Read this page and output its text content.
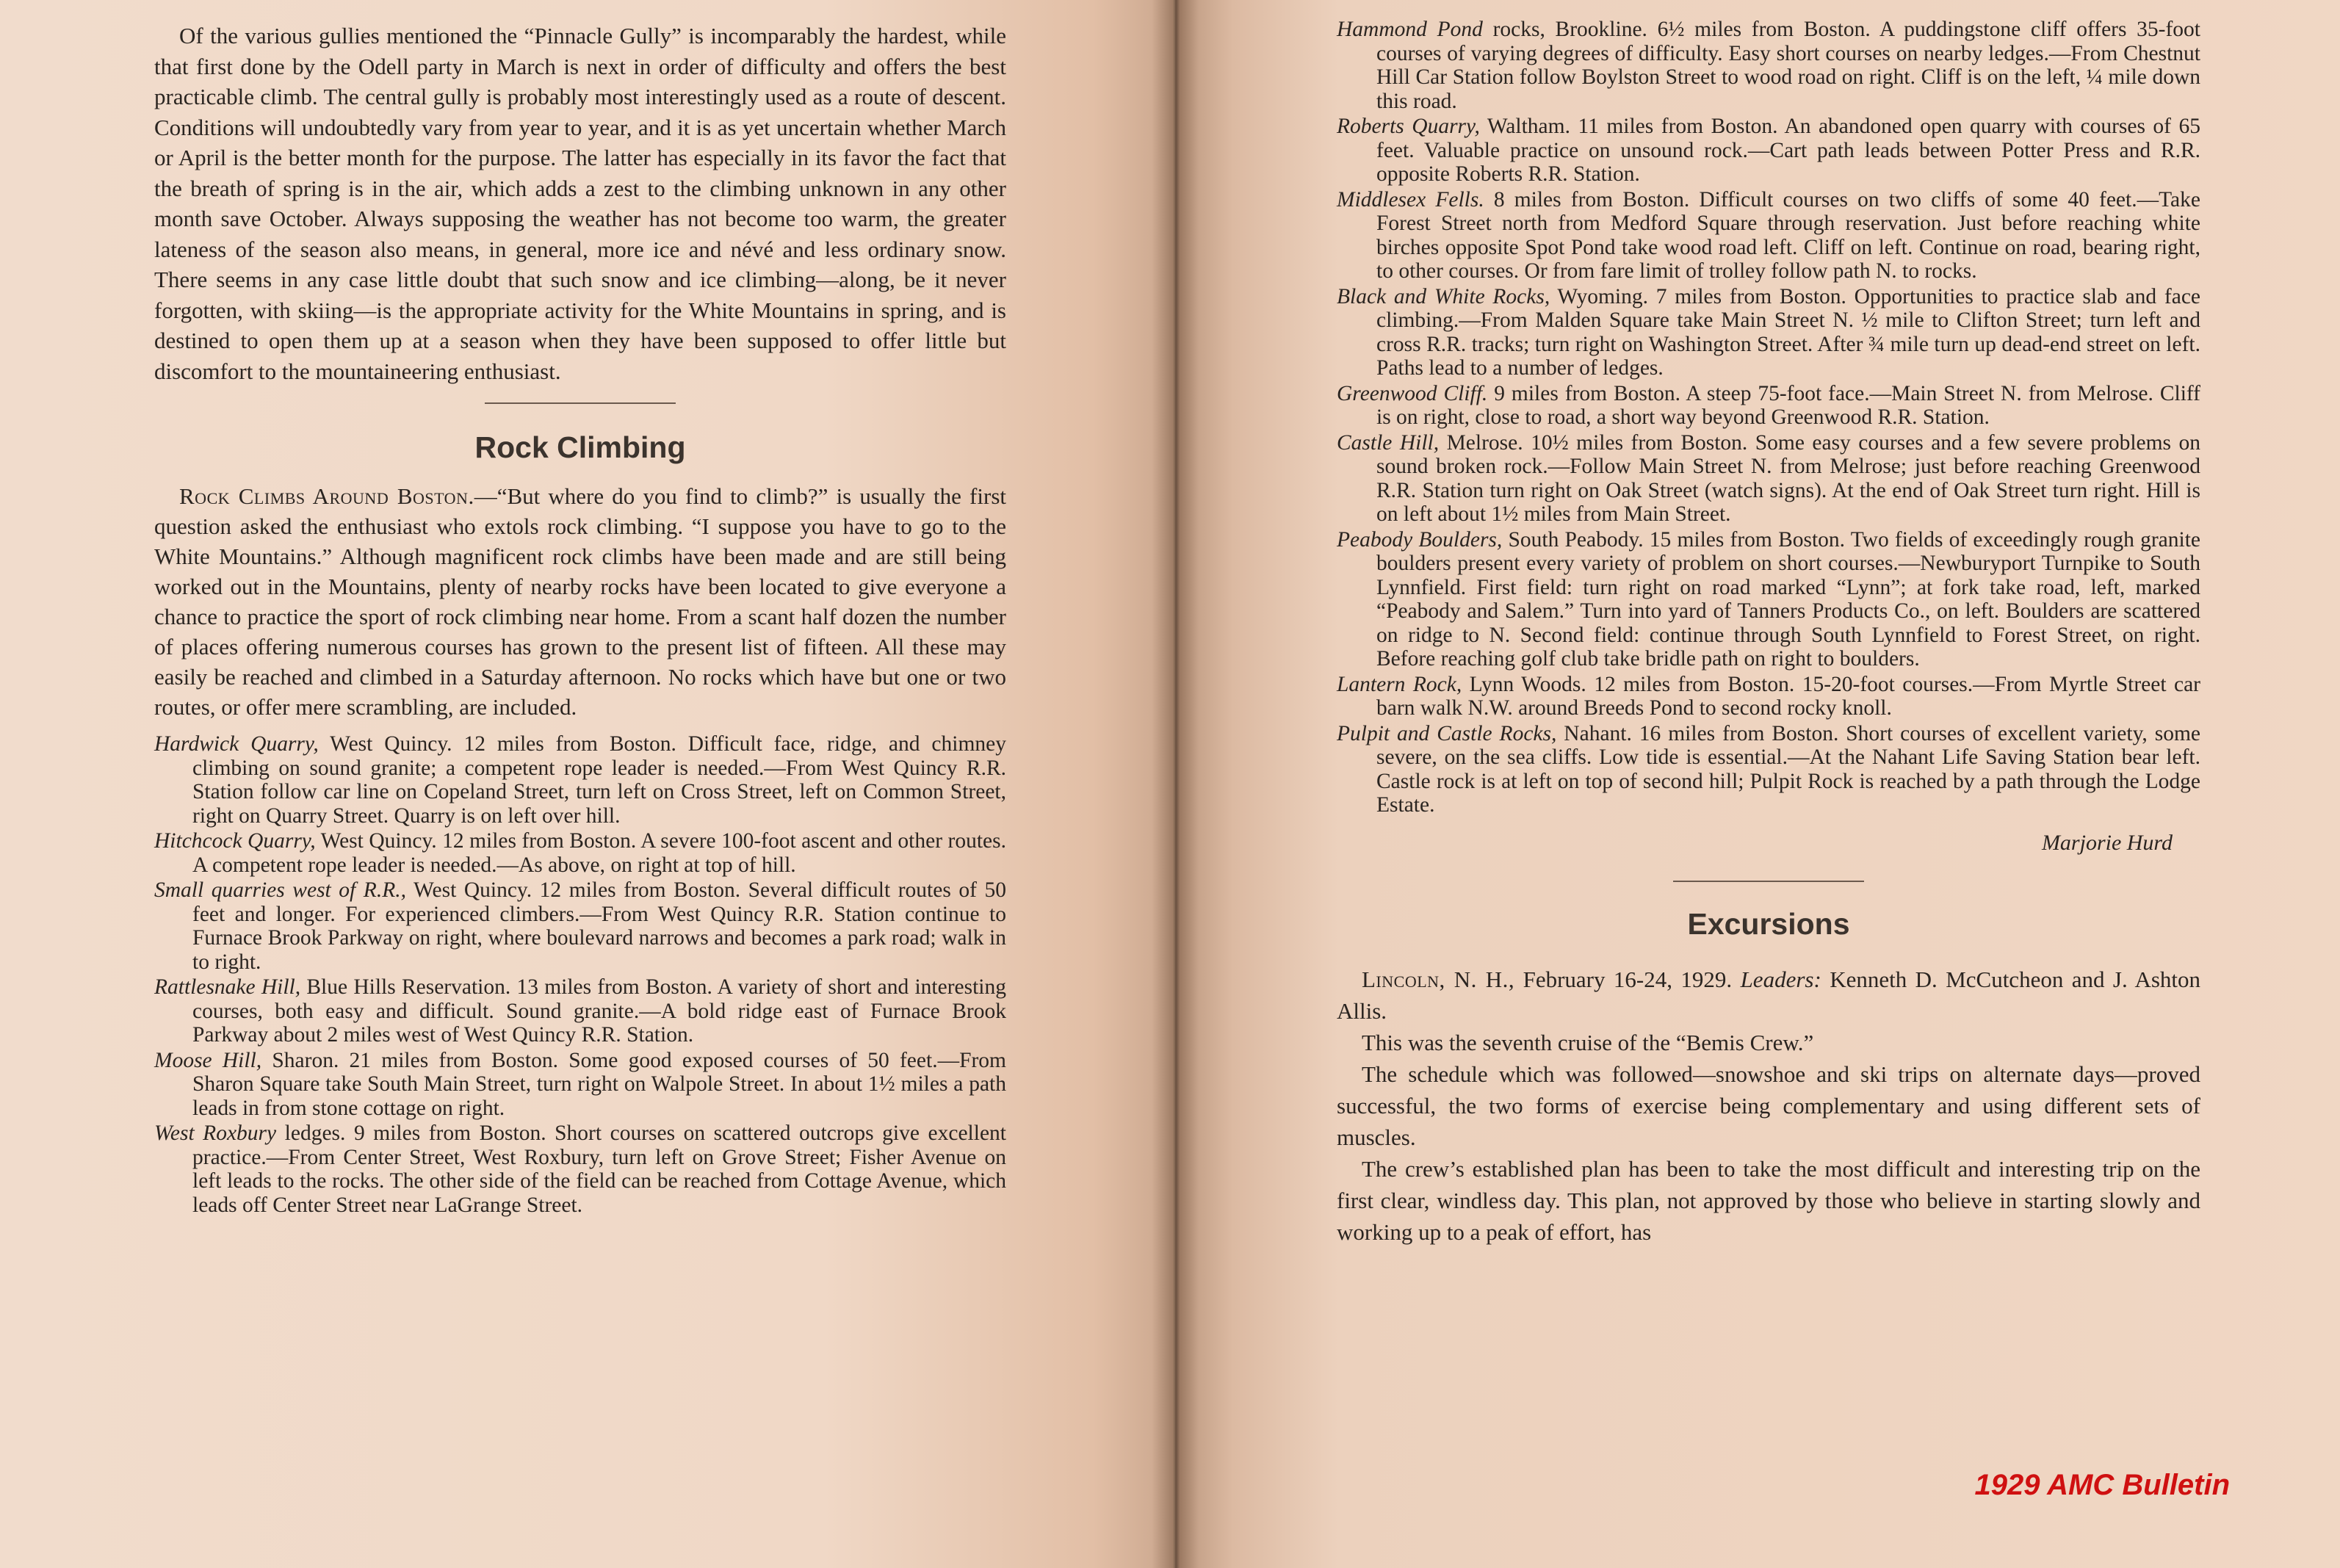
Of the various gullies mentioned the “Pinnacle Gully” is incomparably the hardest, while that first done by the Odell party in March is next in order of difficulty and offers the best practicable climb. The central gully is probably most interestingly used as a route of descent. Conditions will undoubtedly vary from year to year, and it is as yet uncertain whether March or April is the better month for the purpose. The latter has especially in its favor the fact that the breath of spring is in the air, which adds a zest to the climbing unknown in any other month save October. Always supposing the weather has not become too warm, the greater lateness of the season also means, in general, more ice and névé and less ordinary snow. There seems in any case little doubt that such snow and ice climbing—along, be it never forgotten, with skiing—is the appropriate activity for the White Mountains in spring, and is destined to open them up at a season when they have been supposed to offer little but discomfort to the mountaineering enthusiast.

Rock Climbing

Rock Climbs Around Boston.—“But where do you find to climb?” is usually the first question asked the enthusiast who extols rock climbing. “I suppose you have to go to the White Mountains.” Although magnificent rock climbs have been made and are still being worked out in the Mountains, plenty of nearby rocks have been located to give everyone a chance to practice the sport of rock climbing near home. From a scant half dozen the number of places offering numerous courses has grown to the present list of fifteen. All these may easily be reached and climbed in a Saturday afternoon. No rocks which have but one or two routes, or offer mere scrambling, are included.

Hardwick Quarry, West Quincy. 12 miles from Boston. Difficult face, ridge, and chimney climbing on sound granite; a competent rope leader is needed.—From West Quincy R.R. Station follow car line on Copeland Street, turn left on Cross Street, left on Common Street, right on Quarry Street. Quarry is on left over hill.

Hitchcock Quarry, West Quincy. 12 miles from Boston. A severe 100-foot ascent and other routes. A competent rope leader is needed.—As above, on right at top of hill.

Small quarries west of R.R., West Quincy. 12 miles from Boston. Several difficult routes of 50 feet and longer. For experienced climbers.—From West Quincy R.R. Station continue to Furnace Brook Parkway on right, where boulevard narrows and becomes a park road; walk in to right.

Rattlesnake Hill, Blue Hills Reservation. 13 miles from Boston. A variety of short and interesting courses, both easy and difficult. Sound granite.—A bold ridge east of Furnace Brook Parkway about 2 miles west of West Quincy R.R. Station.

Moose Hill, Sharon. 21 miles from Boston. Some good exposed courses of 50 feet.—From Sharon Square take South Main Street, turn right on Walpole Street. In about 1½ miles a path leads in from stone cottage on right.

West Roxbury ledges. 9 miles from Boston. Short courses on scattered outcrops give excellent practice.—From Center Street, West Roxbury, turn left on Grove Street; Fisher Avenue on left leads to the rocks. The other side of the field can be reached from Cottage Avenue, which leads off Center Street near LaGrange Street.

Hammond Pond rocks, Brookline. 6½ miles from Boston. A puddingstone cliff offers 35-foot courses of varying degrees of difficulty. Easy short courses on nearby ledges.—From Chestnut Hill Car Station follow Boylston Street to wood road on right. Cliff is on the left, ¼ mile down this road.

Roberts Quarry, Waltham. 11 miles from Boston. An abandoned open quarry with courses of 65 feet. Valuable practice on unsound rock.—Cart path leads between Potter Press and R.R. opposite Roberts R.R. Station.

Middlesex Fells. 8 miles from Boston. Difficult courses on two cliffs of some 40 feet.—Take Forest Street north from Medford Square through reservation. Just before reaching white birches opposite Spot Pond take wood road left. Cliff on left. Continue on road, bearing right, to other courses. Or from fare limit of trolley follow path N. to rocks.

Black and White Rocks, Wyoming. 7 miles from Boston. Opportunities to practice slab and face climbing.—From Malden Square take Main Street N. ½ mile to Clifton Street; turn left and cross R.R. tracks; turn right on Washington Street. After ¾ mile turn up dead-end street on left. Paths lead to a number of ledges.

Greenwood Cliff. 9 miles from Boston. A steep 75-foot face.—Main Street N. from Melrose. Cliff is on right, close to road, a short way beyond Greenwood R.R. Station.

Castle Hill, Melrose. 10½ miles from Boston. Some easy courses and a few severe problems on sound broken rock.—Follow Main Street N. from Melrose; just before reaching Greenwood R.R. Station turn right on Oak Street (watch signs). At the end of Oak Street turn right. Hill is on left about 1½ miles from Main Street.

Peabody Boulders, South Peabody. 15 miles from Boston. Two fields of exceedingly rough granite boulders present every variety of problem on short courses.—Newburyport Turnpike to South Lynnfield. First field: turn right on road marked “Lynn”; at fork take road, left, marked “Peabody and Salem.” Turn into yard of Tanners Products Co., on left. Boulders are scattered on ridge to N. Second field: continue through South Lynnfield to Forest Street, on right. Before reaching golf club take bridle path on right to boulders.

Lantern Rock, Lynn Woods. 12 miles from Boston. 15-20-foot courses.—From Myrtle Street car barn walk N.W. around Breeds Pond to second rocky knoll.

Pulpit and Castle Rocks, Nahant. 16 miles from Boston. Short courses of excellent variety, some severe, on the sea cliffs. Low tide is essential.—At the Nahant Life Saving Station bear left. Castle rock is at left on top of second hill; Pulpit Rock is reached by a path through the Lodge Estate.

Marjorie Hurd

Excursions

Lincoln, N. H., February 16-24, 1929. Leaders: Kenneth D. McCutcheon and J. Ashton Allis.

This was the seventh cruise of the “Bemis Crew.”

The schedule which was followed—snowshoe and ski trips on alternate days—proved successful, the two forms of exercise being complementary and using different sets of muscles.

The crew’s established plan has been to take the most difficult and interesting trip on the first clear, windless day. This plan, not approved by those who believe in starting slowly and working up to a peak of effort, has

1929 AMC Bulletin
